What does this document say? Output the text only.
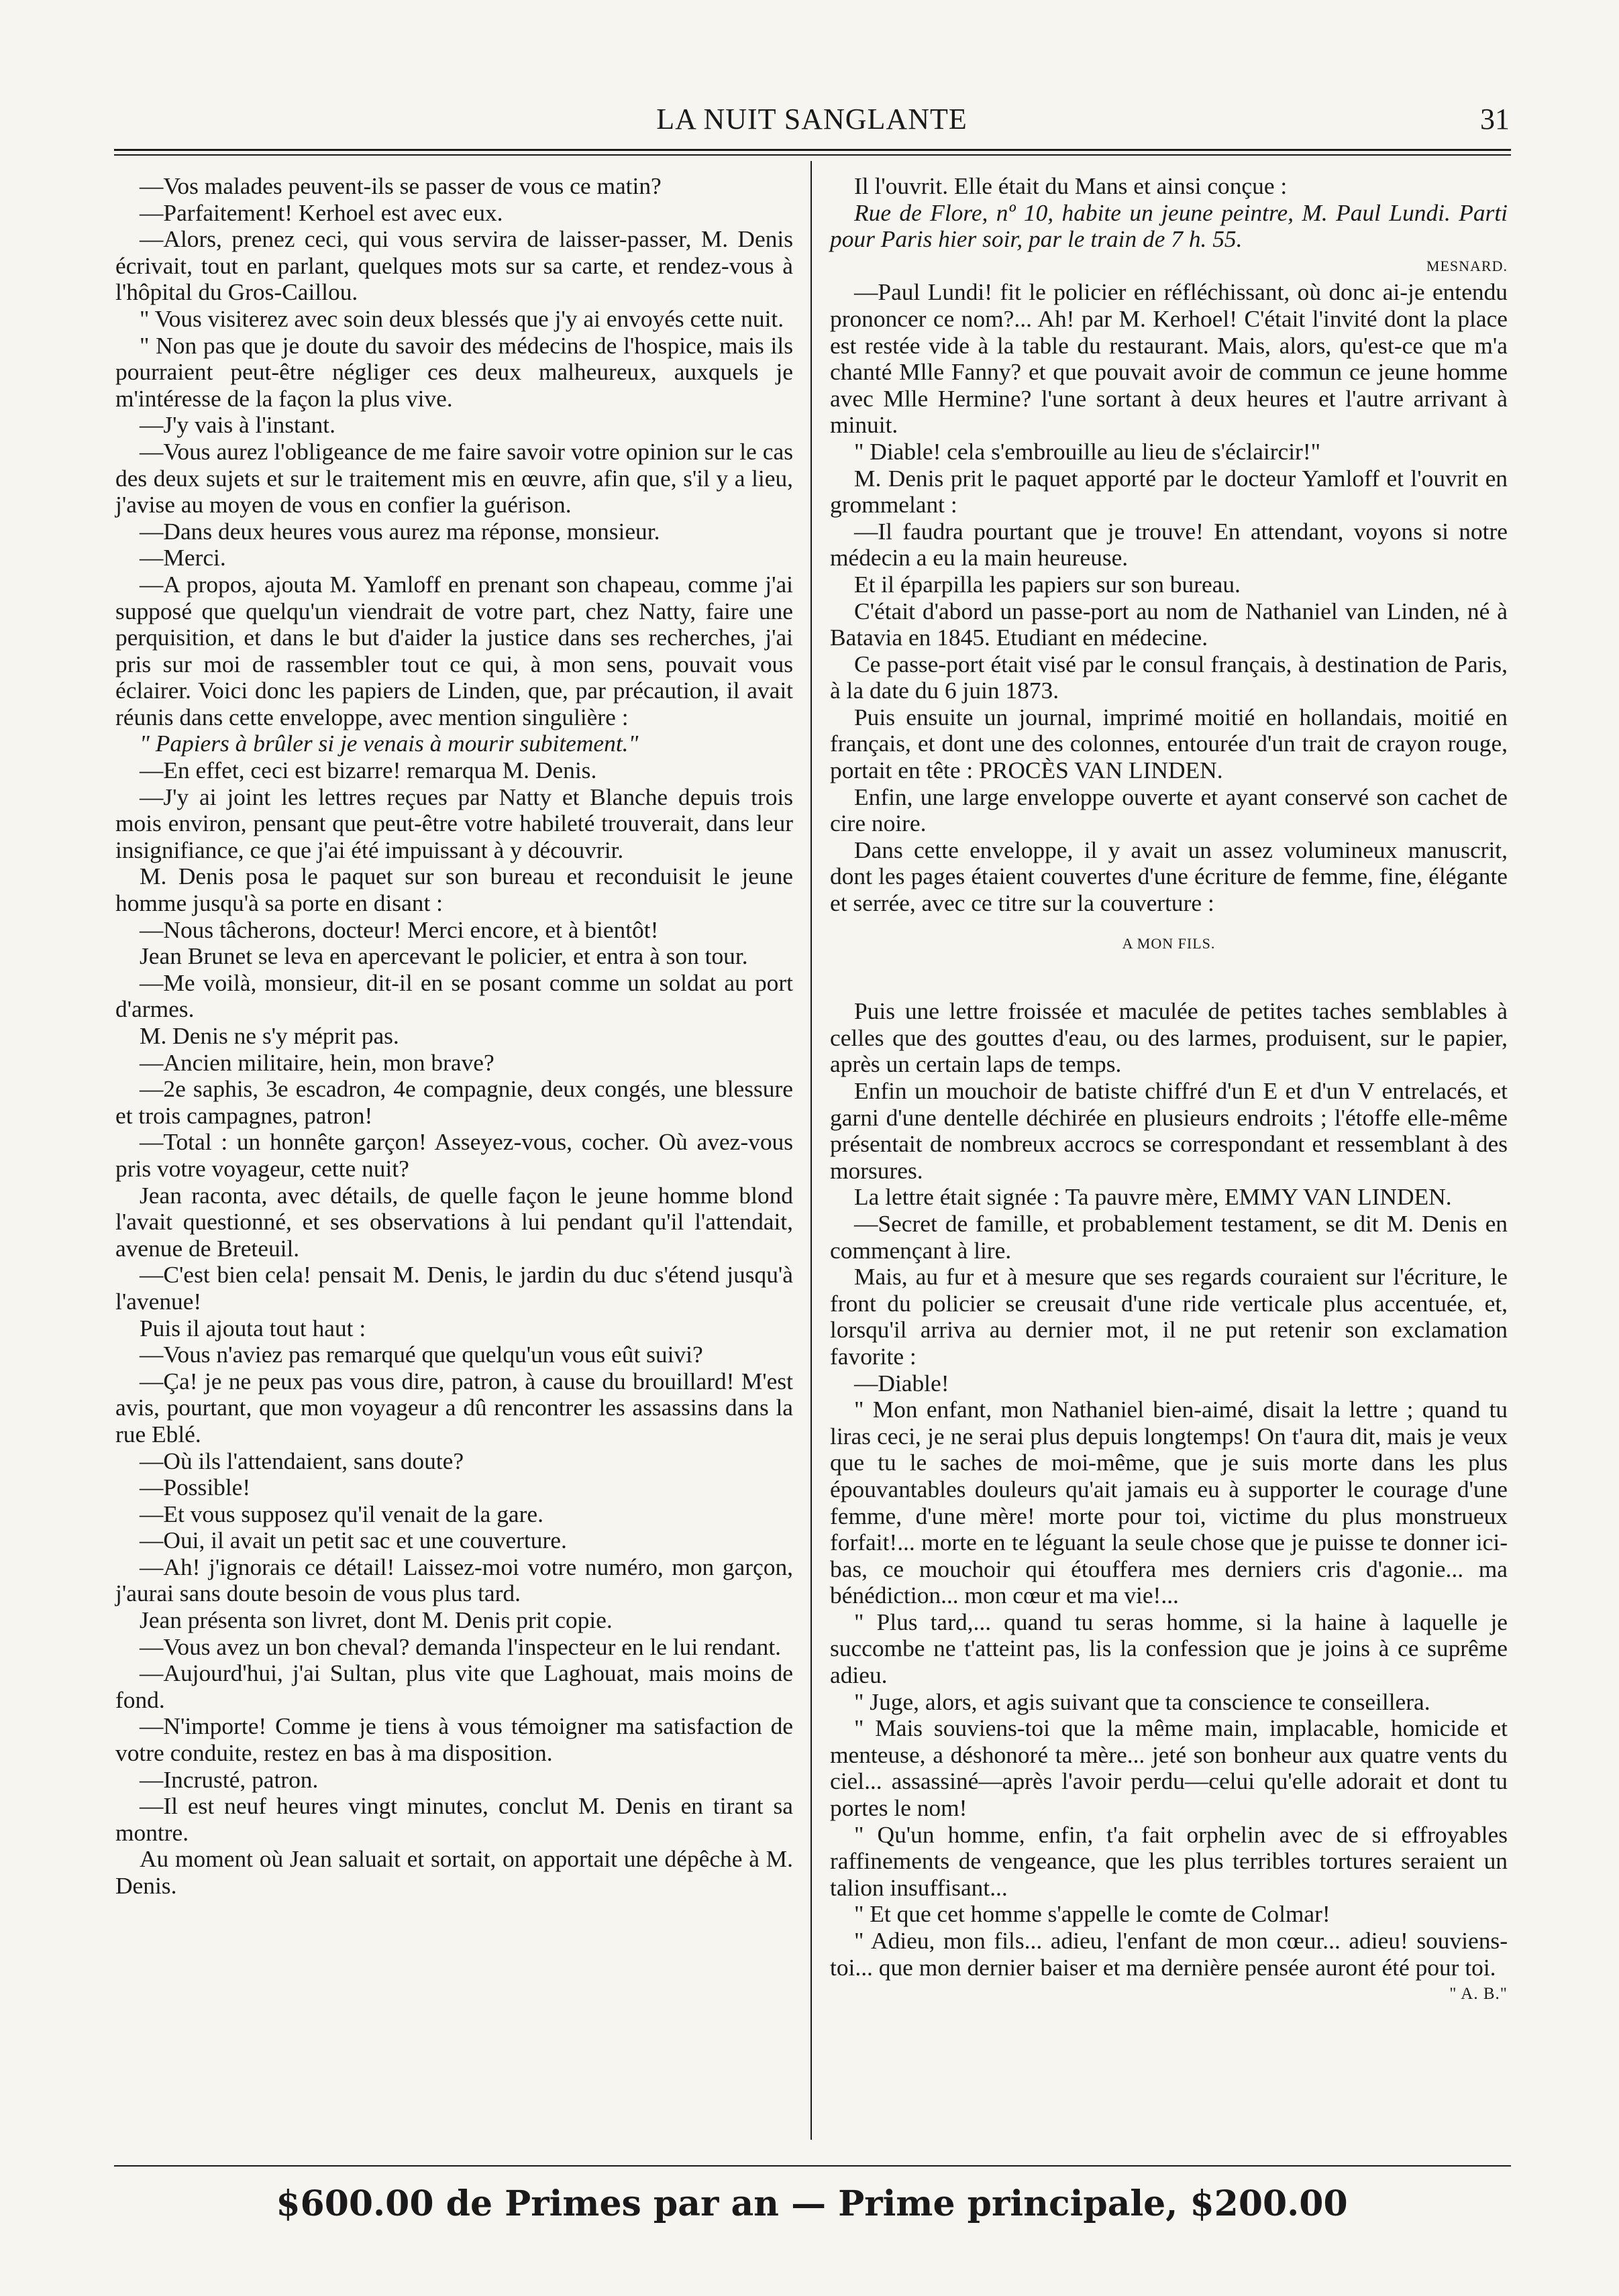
LA NUIT SANGLANTE	31

—Vos malades peuvent-ils se passer de vous ce matin?

—Parfaitement! Kerhoel est avec eux.

—Alors, prenez ceci, qui vous servira de laisser-passer, M. Denis écrivait, tout en parlant, quelques mots sur sa carte, et rendez-vous à l'hôpital du Gros-Caillou.

" Vous visiterez avec soin deux blessés que j'y ai envoyés cette nuit.

" Non pas que je doute du savoir des médecins de l'hospice, mais ils pourraient peut-être négliger ces deux malheureux, auxquels je m'intéresse de la façon la plus vive.

—J'y vais à l'instant.

—Vous aurez l'obligeance de me faire savoir votre opinion sur le cas des deux sujets et sur le traitement mis en œuvre, afin que, s'il y a lieu, j'avise au moyen de vous en confier la guérison.

—Dans deux heures vous aurez ma réponse, monsieur.

—Merci.

—A propos, ajouta M. Yamloff en prenant son chapeau, comme j'ai supposé que quelqu'un viendrait de votre part, chez Natty, faire une perquisition, et dans le but d'aider la justice dans ses recherches, j'ai pris sur moi de rassembler tout ce qui, à mon sens, pouvait vous éclairer. Voici donc les papiers de Linden, que, par précaution, il avait réunis dans cette enveloppe, avec mention singulière :

" Papiers à brûler si je venais à mourir subitement."

—En effet, ceci est bizarre! remarqua M. Denis.

—J'y ai joint les lettres reçues par Natty et Blanche depuis trois mois environ, pensant que peut-être votre habileté trouverait, dans leur insignifiance, ce que j'ai été impuissant à y découvrir.

M. Denis posa le paquet sur son bureau et reconduisit le jeune homme jusqu'à sa porte en disant :

—Nous tâcherons, docteur! Merci encore, et à bientôt!

Jean Brunet se leva en apercevant le policier, et entra à son tour.

—Me voilà, monsieur, dit-il en se posant comme un soldat au port d'armes.

M. Denis ne s'y méprit pas.

—Ancien militaire, hein, mon brave?

—2e saphis, 3e escadron, 4e compagnie, deux congés, une blessure et trois campagnes, patron!

—Total : un honnête garçon! Asseyez-vous, cocher. Où avez-vous pris votre voyageur, cette nuit?

Jean raconta, avec détails, de quelle façon le jeune homme blond l'avait questionné, et ses observations à lui pendant qu'il l'attendait, avenue de Breteuil.

—C'est bien cela! pensait M. Denis, le jardin du duc s'étend jusqu'à l'avenue!

Puis il ajouta tout haut :

—Vous n'aviez pas remarqué que quelqu'un vous eût suivi?

—Ça! je ne peux pas vous dire, patron, à cause du brouillard! M'est avis, pourtant, que mon voyageur a dû rencontrer les assassins dans la rue Eblé.

—Où ils l'attendaient, sans doute?

—Possible!

—Et vous supposez qu'il venait de la gare.

—Oui, il avait un petit sac et une couverture.

—Ah! j'ignorais ce détail! Laissez-moi votre numéro, mon garçon, j'aurai sans doute besoin de vous plus tard.

Jean présenta son livret, dont M. Denis prit copie.

—Vous avez un bon cheval? demanda l'inspecteur en le lui rendant.

—Aujourd'hui, j'ai Sultan, plus vite que Laghouat, mais moins de fond.

—N'importe! Comme je tiens à vous témoigner ma satisfaction de votre conduite, restez en bas à ma disposition.

—Incrusté, patron.

—Il est neuf heures vingt minutes, conclut M. Denis en tirant sa montre.

Au moment où Jean saluait et sortait, on apportait une dépêche à M. Denis.

Il l'ouvrit. Elle était du Mans et ainsi conçue :

Rue de Flore, nº 10, habite un jeune peintre, M. Paul Lundi. Parti pour Paris hier soir, par le train de 7 h. 55.

MESNARD.

—Paul Lundi! fit le policier en réfléchissant, où donc ai-je entendu prononcer ce nom?... Ah! par M. Kerhoel! C'était l'invité dont la place est restée vide à la table du restaurant. Mais, alors, qu'est-ce que m'a chanté Mlle Fanny? et que pouvait avoir de commun ce jeune homme avec Mlle Hermine? l'une sortant à deux heures et l'autre arrivant à minuit.

" Diable! cela s'embrouille au lieu de s'éclaircir!"

M. Denis prit le paquet apporté par le docteur Yamloff et l'ouvrit en grommelant :

—Il faudra pourtant que je trouve! En attendant, voyons si notre médecin a eu la main heureuse.

Et il éparpilla les papiers sur son bureau.

C'était d'abord un passe-port au nom de Nathaniel van Linden, né à Batavia en 1845. Etudiant en médecine.

Ce passe-port était visé par le consul français, à destination de Paris, à la date du 6 juin 1873.

Puis ensuite un journal, imprimé moitié en hollandais, moitié en français, et dont une des colonnes, entourée d'un trait de crayon rouge, portait en tête : PROCÈS VAN LINDEN.

Enfin, une large enveloppe ouverte et ayant conservé son cachet de cire noire.

Dans cette enveloppe, il y avait un assez volumineux manuscrit, dont les pages étaient couvertes d'une écriture de femme, fine, élégante et serrée, avec ce titre sur la couverture :

A MON FILS.

Puis une lettre froissée et maculée de petites taches semblables à celles que des gouttes d'eau, ou des larmes, produisent, sur le papier, après un certain laps de temps.

Enfin un mouchoir de batiste chiffré d'un E et d'un V entrelacés, et garni d'une dentelle déchirée en plusieurs endroits ; l'étoffe elle-même présentait de nombreux accrocs se correspondant et ressemblant à des morsures.

La lettre était signée : Ta pauvre mère, EMMY VAN LINDEN.

—Secret de famille, et probablement testament, se dit M. Denis en commençant à lire.

Mais, au fur et à mesure que ses regards couraient sur l'écriture, le front du policier se creusait d'une ride verticale plus accentuée, et, lorsqu'il arriva au dernier mot, il ne put retenir son exclamation favorite :

—Diable!

" Mon enfant, mon Nathaniel bien-aimé, disait la lettre ; quand tu liras ceci, je ne serai plus depuis longtemps! On t'aura dit, mais je veux que tu le saches de moi-même, que je suis morte dans les plus épouvantables douleurs qu'ait jamais eu à supporter le courage d'une femme, d'une mère! morte pour toi, victime du plus monstrueux forfait!... morte en te léguant la seule chose que je puisse te donner ici-bas, ce mouchoir qui étouffera mes derniers cris d'agonie... ma bénédiction... mon cœur et ma vie!...

" Plus tard,... quand tu seras homme, si la haine à laquelle je succombe ne t'atteint pas, lis la confession que je joins à ce suprême adieu.

" Juge, alors, et agis suivant que ta conscience te conseillera.

" Mais souviens-toi que la même main, implacable, homicide et menteuse, a déshonoré ta mère... jeté son bonheur aux quatre vents du ciel... assassiné—après l'avoir perdu—celui qu'elle adorait et dont tu portes le nom!

" Qu'un homme, enfin, t'a fait orphelin avec de si effroyables raffinements de vengeance, que les plus terribles tortures seraient un talion insuffisant...

" Et que cet homme s'appelle le comte de Colmar!

" Adieu, mon fils... adieu, l'enfant de mon cœur... adieu! souviens-toi... que mon dernier baiser et ma dernière pensée auront été pour toi.

" A. B."

$600.00 de Primes par an — Prime principale, $200.00
